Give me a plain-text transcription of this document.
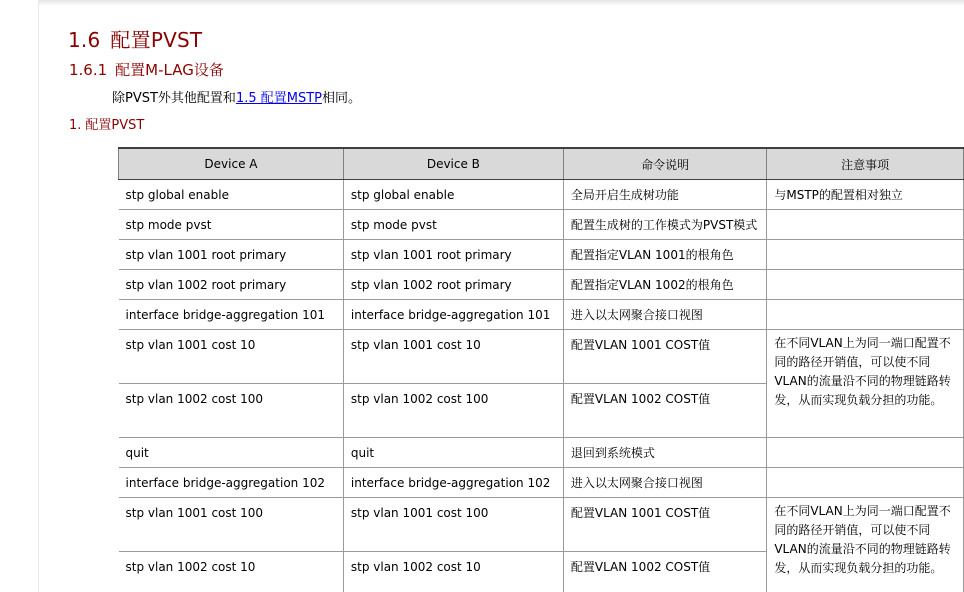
1.6 配置PVST
1.6.1 配置M-LAG设备
除PVST外其他配置和1.5 配置MSTP相同。
1. 配置PVST
Device A	Device B	命令说明	注意事项
stp global enable	stp global enable	全局开启生成树功能	与MSTP的配置相对独立
stp mode pvst	stp mode pvst	配置生成树的工作模式为PVST模式	
stp vlan 1001 root primary	stp vlan 1001 root primary	配置指定VLAN 1001的根角色	
stp vlan 1002 root primary	stp vlan 1002 root primary	配置指定VLAN 1002的根角色	
interface bridge-aggregation 101	interface bridge-aggregation 101	进入以太网聚合接口视图	
stp vlan 1001 cost 10	stp vlan 1001 cost 10	配置VLAN 1001 COST值	在不同VLAN上为同一端口配置不同的路径开销值，可以使不同VLAN的流量沿不同的物理链路转发，从而实现负载分担的功能。
stp vlan 1002 cost 100	stp vlan 1002 cost 100	配置VLAN 1002 COST值	
quit	quit	退回到系统模式	
interface bridge-aggregation 102	interface bridge-aggregation 102	进入以太网聚合接口视图	
stp vlan 1001 cost 100	stp vlan 1001 cost 100	配置VLAN 1001 COST值	在不同VLAN上为同一端口配置不同的路径开销值，可以使不同VLAN的流量沿不同的物理链路转发，从而实现负载分担的功能。
stp vlan 1002 cost 10	stp vlan 1002 cost 10	配置VLAN 1002 COST值	
